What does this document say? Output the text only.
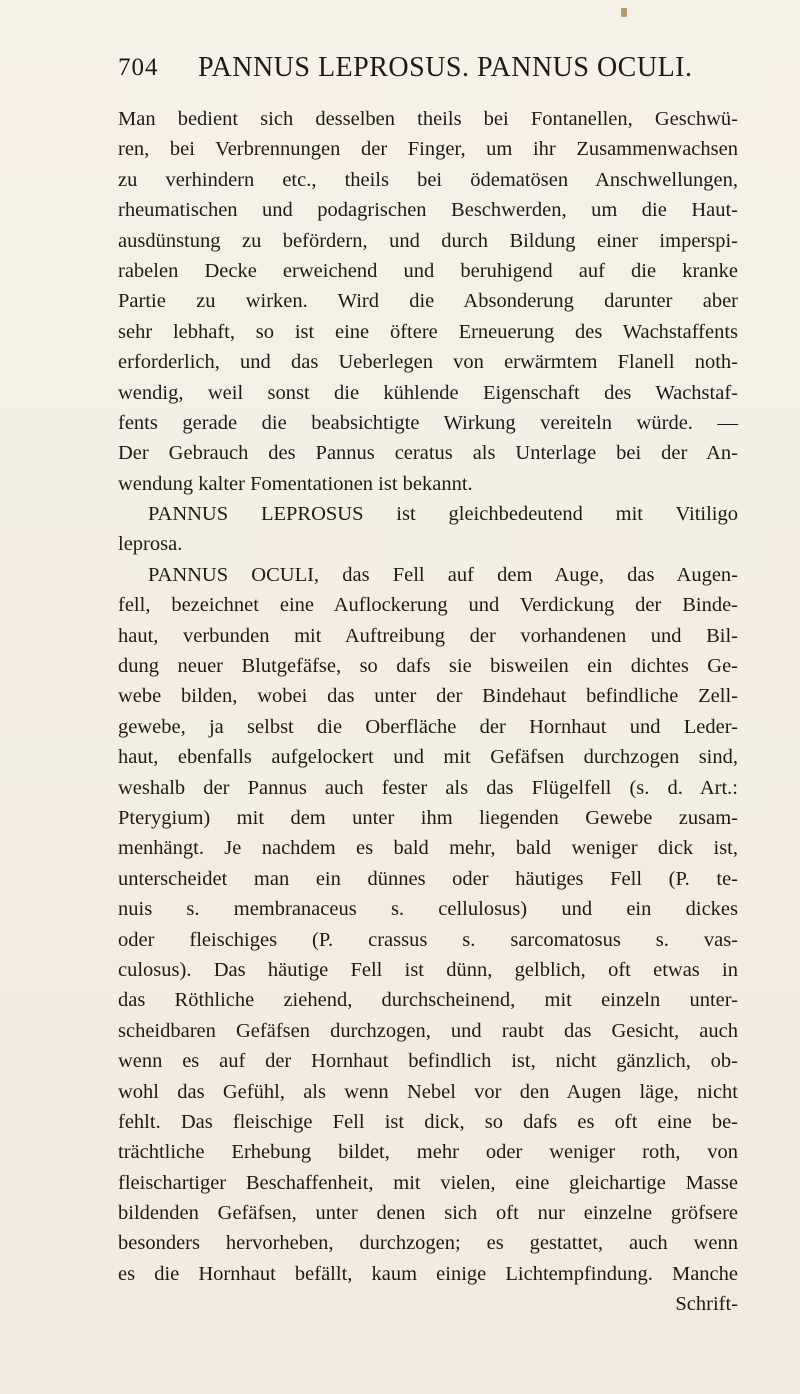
704 PANNUS LEPROSUS. PANNUS OCULI.
Man bedient sich desselben theils bei Fontanellen, Geschwü-
ren, bei Verbrennungen der Finger, um ihr Zusammenwachsen
zu verhindern etc., theils bei ödematösen Anschwellungen,
rheumatischen und podagrischen Beschwerden, um die Haut-
ausdünstung zu befördern, und durch Bildung einer imperspi-
rabelen Decke erweichend und beruhigend auf die kranke
Partie zu wirken. Wird die Absonderung darunter aber
sehr lebhaft, so ist eine öftere Erneuerung des Wachstaffents
erforderlich, und das Ueberlegen von erwärmtem Flanell noth-
wendig, weil sonst die kühlende Eigenschaft des Wachstaf-
fents gerade die beabsichtigte Wirkung vereiteln würde. —
Der Gebrauch des Pannus ceratus als Unterlage bei der An-
wendung kalter Fomentationen ist bekannt.
PANNUS LEPROSUS ist gleichbedeutend mit Vitiligo
leprosa.
PANNUS OCULI, das Fell auf dem Auge, das Augen-
fell, bezeichnet eine Auflockerung und Verdickung der Binde-
haut, verbunden mit Auftreibung der vorhandenen und Bil-
dung neuer Blutgefäfse, so dafs sie bisweilen ein dichtes Ge-
webe bilden, wobei das unter der Bindehaut befindliche Zell-
gewebe, ja selbst die Oberfläche der Hornhaut und Leder-
haut, ebenfalls aufgelockert und mit Gefäfsen durchzogen sind,
weshalb der Pannus auch fester als das Flügelfell (s. d. Art.:
Pterygium) mit dem unter ihm liegenden Gewebe zusam-
menhängt. Je nachdem es bald mehr, bald weniger dick ist,
unterscheidet man ein dünnes oder häutiges Fell (P. te-
nuis s. membranaceus s. cellulosus) und ein dickes
oder fleischiges (P. crassus s. sarcomatosus s. vas-
culosus). Das häutige Fell ist dünn, gelblich, oft etwas in
das Röthliche ziehend, durchscheinend, mit einzeln unter-
scheidbaren Gefäfsen durchzogen, und raubt das Gesicht, auch
wenn es auf der Hornhaut befindlich ist, nicht gänzlich, ob-
wohl das Gefühl, als wenn Nebel vor den Augen läge, nicht
fehlt. Das fleischige Fell ist dick, so dafs es oft eine be-
trächtliche Erhebung bildet, mehr oder weniger roth, von
fleischartiger Beschaffenheit, mit vielen, eine gleichartige Masse
bildenden Gefäfsen, unter denen sich oft nur einzelne gröfsere
besonders hervorheben, durchzogen; es gestattet, auch wenn
es die Hornhaut befällt, kaum einige Lichtempfindung. Manche
Schrift-
